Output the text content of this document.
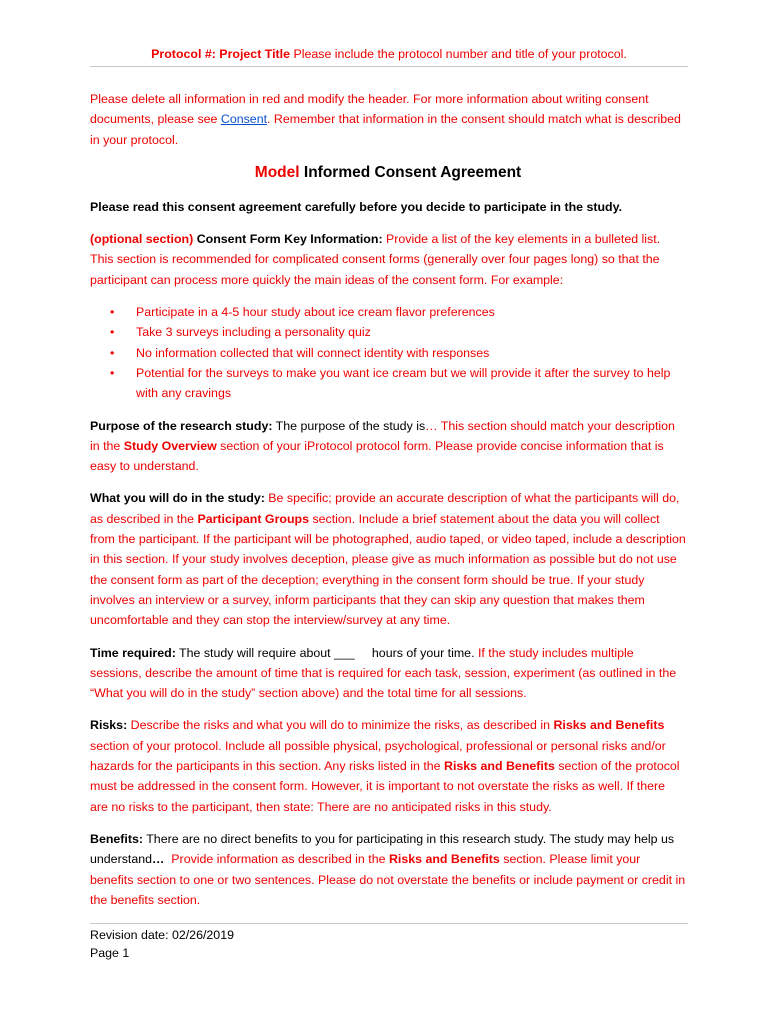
Protocol #: Project Title Please include the protocol number and title of your protocol.

Please delete all information in red and modify the header. For more information about writing consent documents, please see Consent. Remember that information in the consent should match what is described in your protocol.

Model Informed Consent Agreement

Please read this consent agreement carefully before you decide to participate in the study.

(optional section) Consent Form Key Information: Provide a list of the key elements in a bulleted list. This section is recommended for complicated consent forms (generally over four pages long) so that the participant can process more quickly the main ideas of the consent form. For example:

• Participate in a 4-5 hour study about ice cream flavor preferences
• Take 3 surveys including a personality quiz
• No information collected that will connect identity with responses
• Potential for the surveys to make you want ice cream but we will provide it after the survey to help with any cravings

Purpose of the research study: The purpose of the study is… This section should match your description in the Study Overview section of your iProtocol protocol form. Please provide concise information that is easy to understand.

What you will do in the study: Be specific; provide an accurate description of what the participants will do, as described in the Participant Groups section. Include a brief statement about the data you will collect from the participant. If the participant will be photographed, audio taped, or video taped, include a description in this section. If your study involves deception, please give as much information as possible but do not use the consent form as part of the deception; everything in the consent form should be true. If your study involves an interview or a survey, inform participants that they can skip any question that makes them uncomfortable and they can stop the interview/survey at any time.

Time required: The study will require about ___     hours of your time. If the study includes multiple sessions, describe the amount of time that is required for each task, session, experiment (as outlined in the “What you will do in the study” section above) and the total time for all sessions.

Risks: Describe the risks and what you will do to minimize the risks, as described in Risks and Benefits section of your protocol. Include all possible physical, psychological, professional or personal risks and/or hazards for the participants in this section. Any risks listed in the Risks and Benefits section of the protocol must be addressed in the consent form. However, it is important to not overstate the risks as well. If there are no risks to the participant, then state: There are no anticipated risks in this study.

Benefits: There are no direct benefits to you for participating in this research study. The study may help us understand…  Provide information as described in the Risks and Benefits section. Please limit your benefits section to one or two sentences. Please do not overstate the benefits or include payment or credit in the benefits section.

Revision date: 02/26/2019
Page 1
